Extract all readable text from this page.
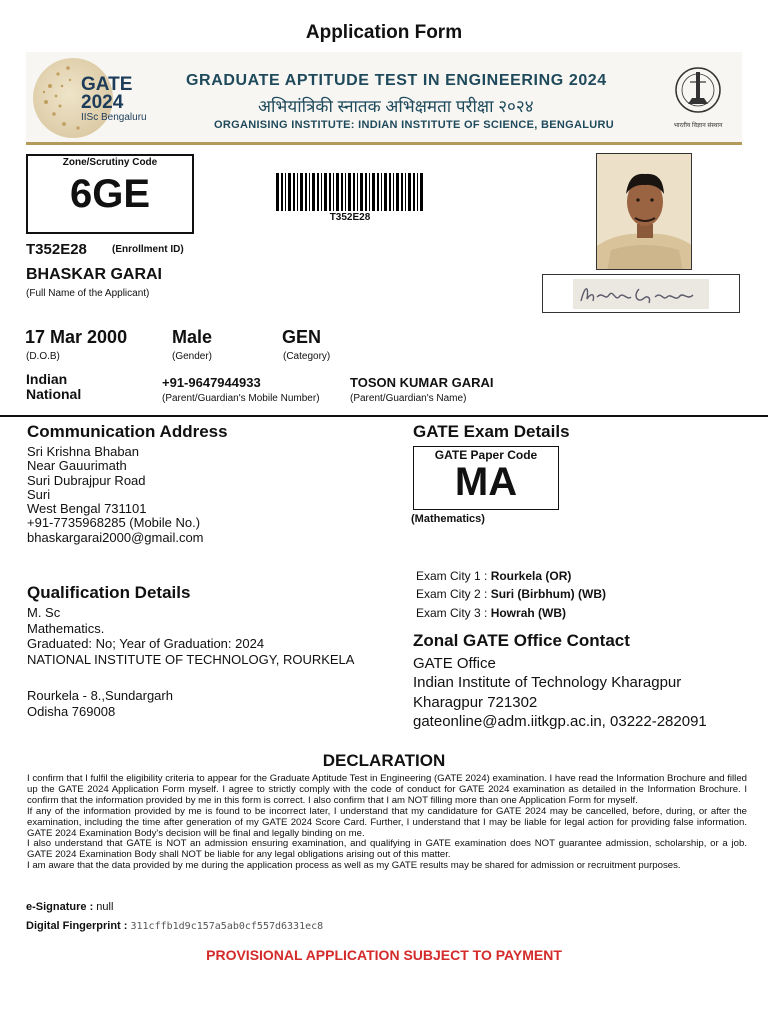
Application Form
GATE
2024
IISc Bengaluru
GRADUATE APTITUDE TEST IN ENGINEERING 2024
अभियांत्रिकी स्नातक अभिक्षमता परीक्षा २०२४
ORGANISING INSTITUTE: INDIAN INSTITUTE OF SCIENCE, BENGALURU	भारतीय विज्ञान संस्थान
Zone/Scrutiny Code
6GE
T352E28
T352E28	(Enrollment ID)
BHASKAR GARAI
(Full Name of the Applicant)
17 Mar 2000
(D.O.B)
Male
(Gender)
GEN
(Category)
Indian National
+91-9647944933
(Parent/Guardian's Mobile Number)
TOSON KUMAR GARAI
(Parent/Guardian's Name)
Communication Address
Sri Krishna Bhaban
Near Gauurimath
Suri Dubrajpur Road
Suri
West Bengal 731101
+91-7735968285 (Mobile No.)
bhaskargarai2000@gmail.com
GATE Exam Details
GATE Paper Code
MA
(Mathematics)
Exam City 1 : Rourkela (OR)
Exam City 2 : Suri (Birbhum) (WB)
Exam City 3 : Howrah (WB)
Qualification Details
M. Sc
Mathematics.
Graduated: No; Year of Graduation: 2024
NATIONAL INSTITUTE OF TECHNOLOGY, ROURKELA
Rourkela - 8.,Sundargarh
Odisha 769008
Zonal GATE Office Contact
GATE Office
Indian Institute of Technology Kharagpur
Kharagpur 721302
gateonline@adm.iitkgp.ac.in, 03222-282091
DECLARATION

I confirm that I fulfil the eligibility criteria to appear for the Graduate Aptitude Test in Engineering (GATE 2024) examination. I have read the Information Brochure and filled up the GATE 2024 Application Form myself. I agree to strictly comply with the code of conduct for GATE 2024 examination as detailed in the Information Brochure. I confirm that the information provided by me in this form is correct. I also confirm that I am NOT filling more than one Application Form for myself.

If any of the information provided by me is found to be incorrect later, I understand that my candidature for GATE 2024 may be cancelled, before, during, or after the examination, including the time after generation of my GATE 2024 Score Card. Further, I understand that I may be liable for legal action for providing false information. GATE 2024 Examination Body's decision will be final and legally binding on me.

I also understand that GATE is NOT an admission ensuring examination, and qualifying in GATE examination does NOT guarantee admission, scholarship, or a job. GATE 2024 Examination Body shall NOT be liable for any legal obligations arising out of this matter.

I am aware that the data provided by me during the application process as well as my GATE results may be shared for admission or recruitment purposes.

e-Signature : null
Digital Fingerprint : 311cffb1d9c157a5ab0cf557d6331ec8
PROVISIONAL APPLICATION SUBJECT TO PAYMENT
